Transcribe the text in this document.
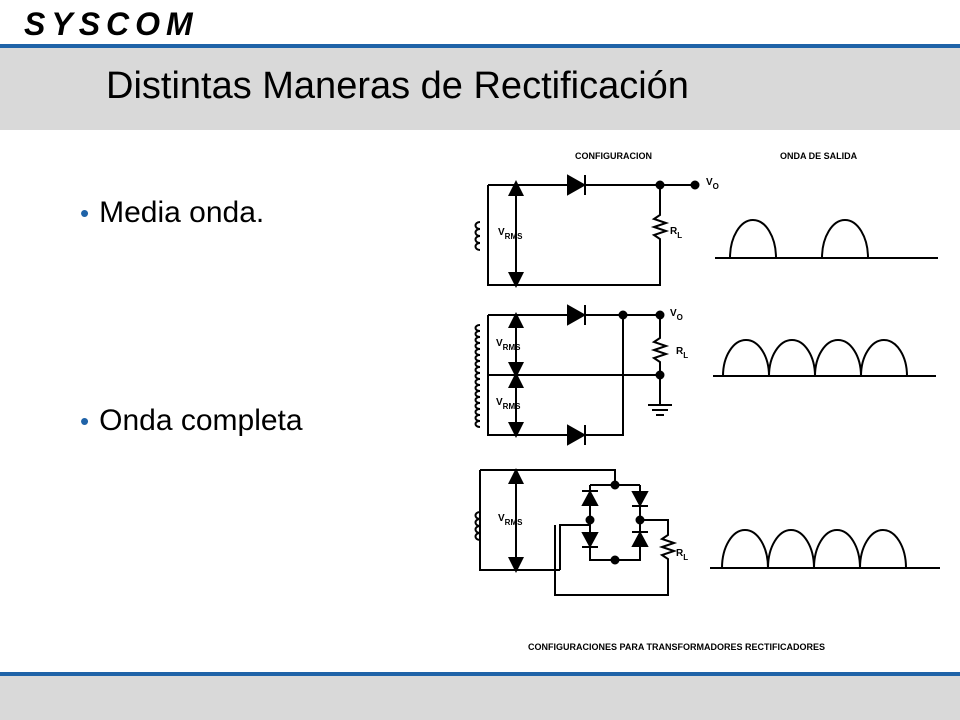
SYSCOM
Distintas Maneras de Rectificación
• Media onda.
• Onda completa
CONFIGURACION	ONDA DE SALIDA
$V_O$
$R_L$
$V_{RMS}$
$V_O$
$R_L$
$V_{RMS}$
$V_{RMS}$
$V_{RMS}$
$R_L$
CONFIGURACIONES PARA TRANSFORMADORES RECTIFICADORES
